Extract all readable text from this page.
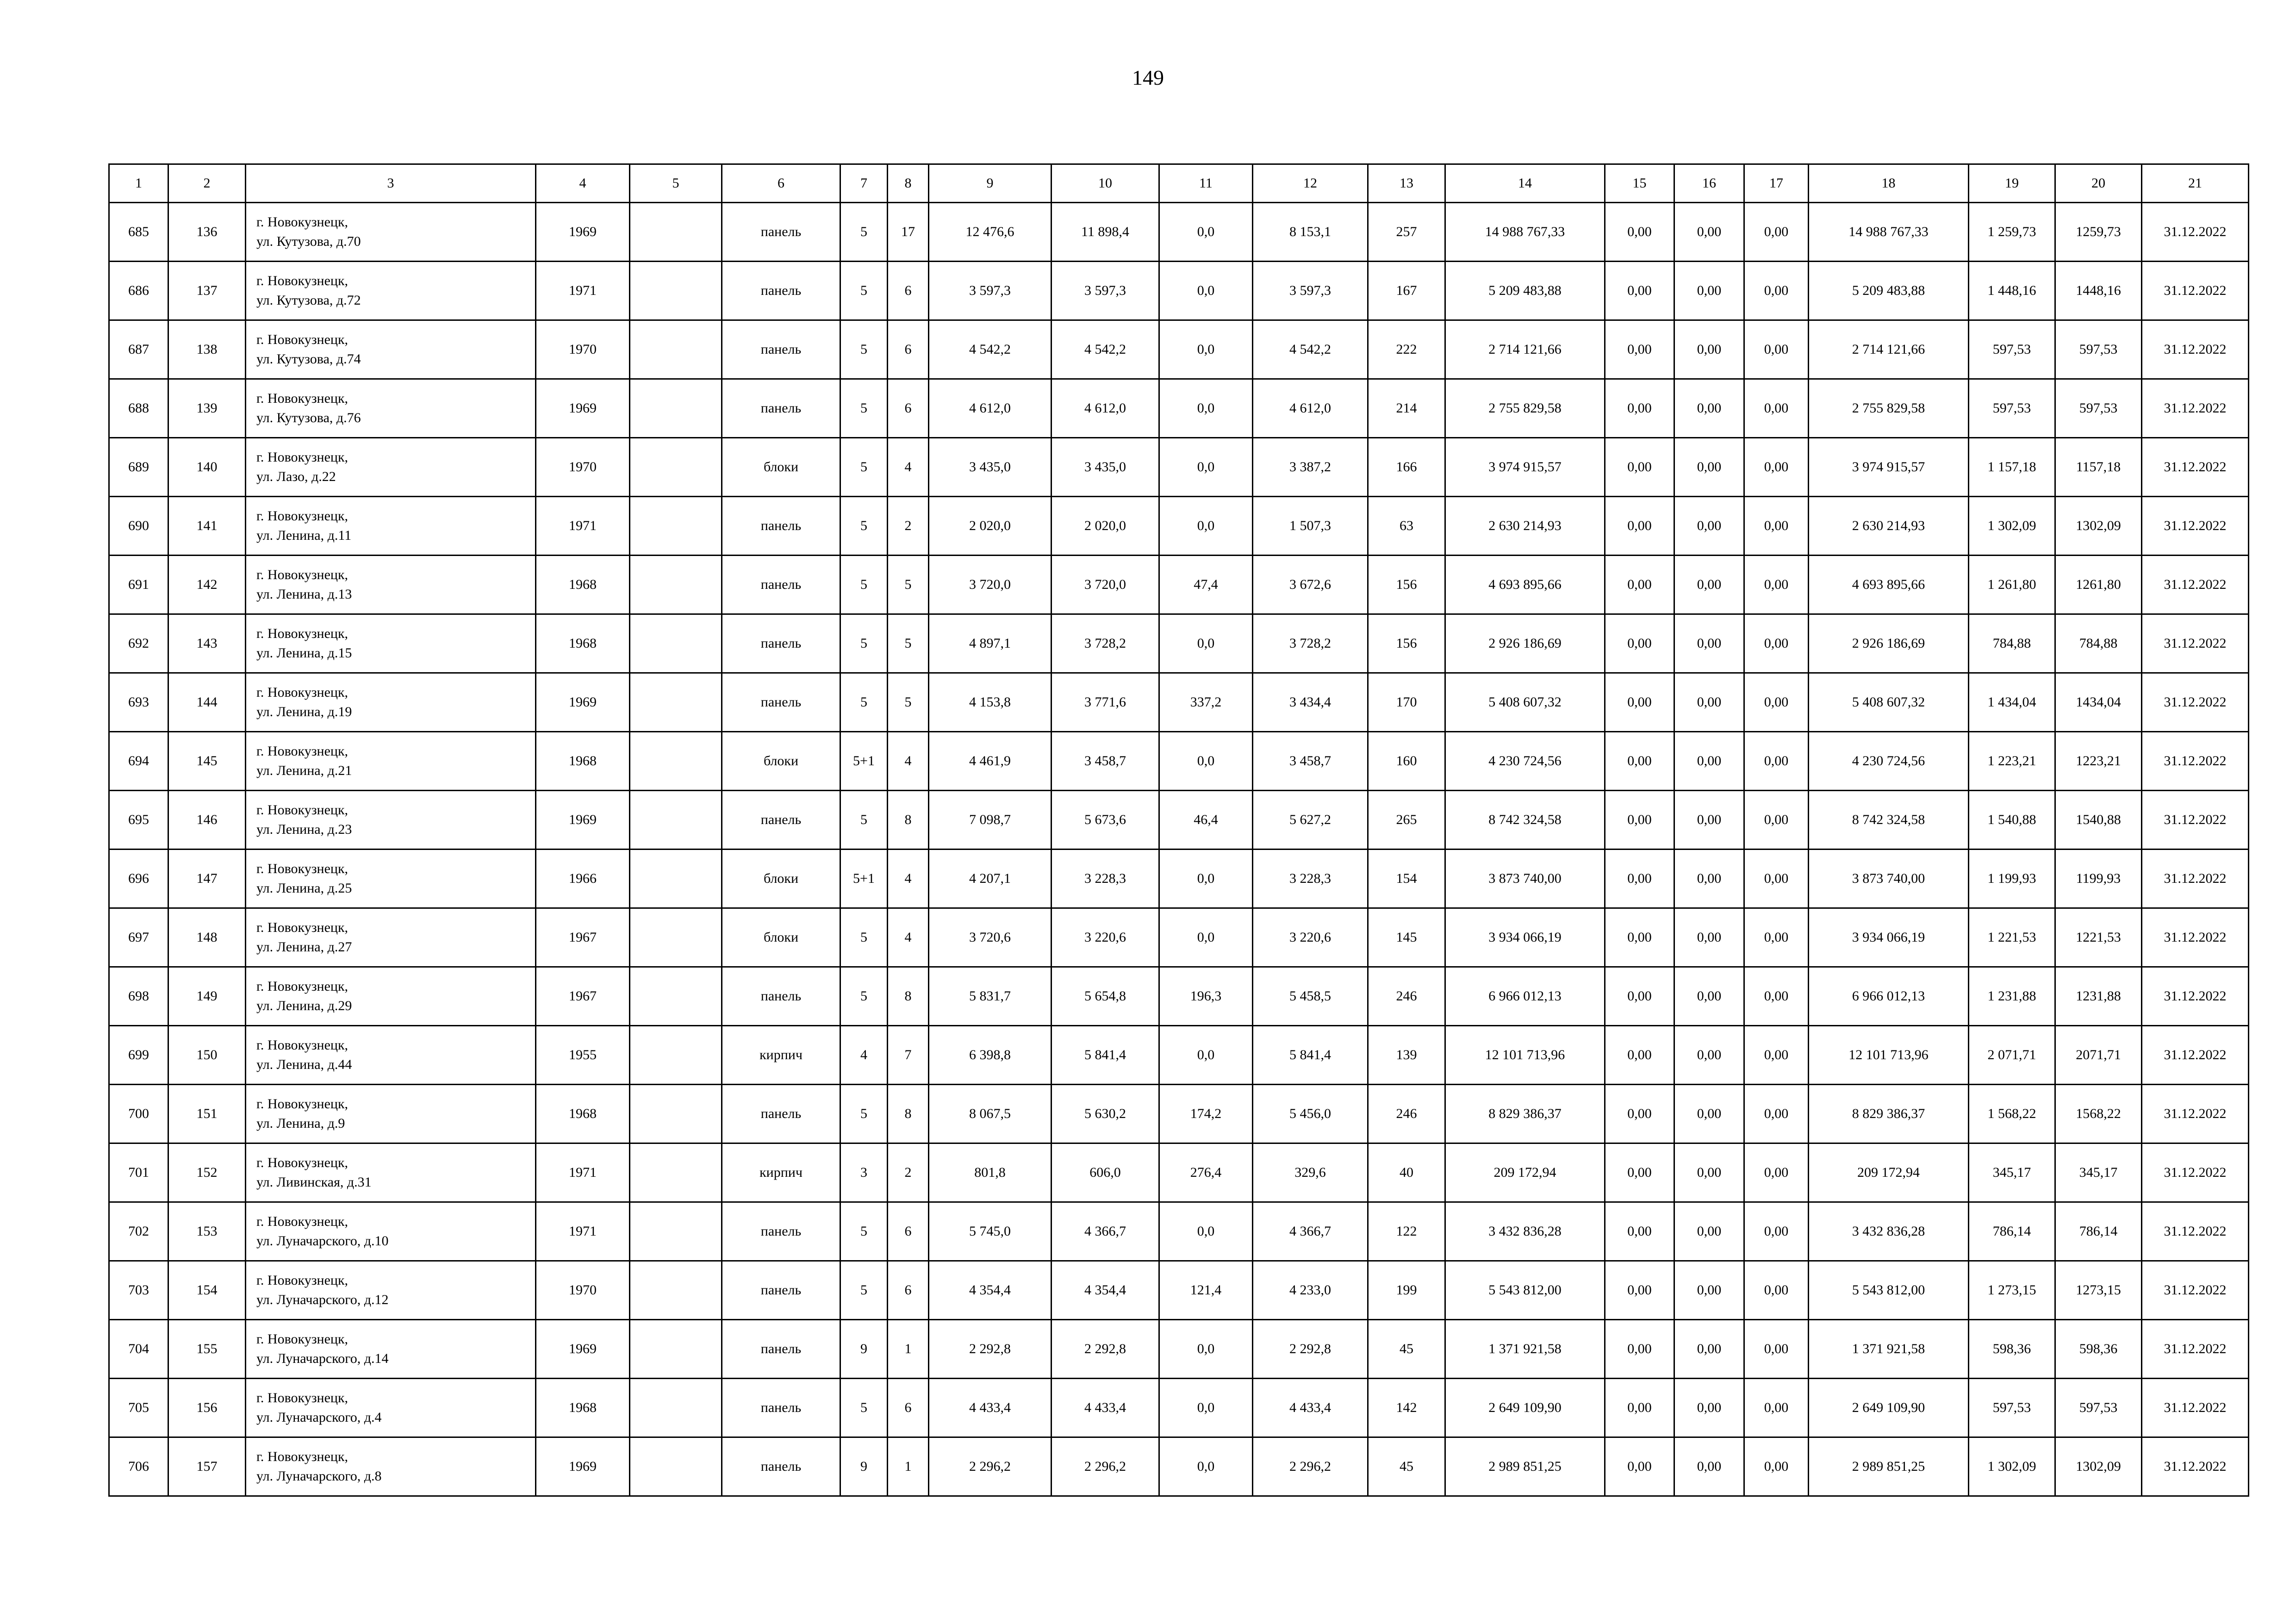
149
1	2	3	4	5	6	7	8	9	10	11	12	13	14	15	16	17	18	19	20	21
685	136	г. Новокузнецк,
ул. Кутузова, д.70	1969		панель	5	17	12 476,6	11 898,4	0,0	8 153,1	257	14 988 767,33	0,00	0,00	0,00	14 988 767,33	1 259,73	1259,73	31.12.2022
686	137	г. Новокузнецк,
ул. Кутузова, д.72	1971		панель	5	6	3 597,3	3 597,3	0,0	3 597,3	167	5 209 483,88	0,00	0,00	0,00	5 209 483,88	1 448,16	1448,16	31.12.2022
687	138	г. Новокузнецк,
ул. Кутузова, д.74	1970		панель	5	6	4 542,2	4 542,2	0,0	4 542,2	222	2 714 121,66	0,00	0,00	0,00	2 714 121,66	597,53	597,53	31.12.2022
688	139	г. Новокузнецк,
ул. Кутузова, д.76	1969		панель	5	6	4 612,0	4 612,0	0,0	4 612,0	214	2 755 829,58	0,00	0,00	0,00	2 755 829,58	597,53	597,53	31.12.2022
689	140	г. Новокузнецк,
ул. Лазо, д.22	1970		блоки	5	4	3 435,0	3 435,0	0,0	3 387,2	166	3 974 915,57	0,00	0,00	0,00	3 974 915,57	1 157,18	1157,18	31.12.2022
690	141	г. Новокузнецк,
ул. Ленина, д.11	1971		панель	5	2	2 020,0	2 020,0	0,0	1 507,3	63	2 630 214,93	0,00	0,00	0,00	2 630 214,93	1 302,09	1302,09	31.12.2022
691	142	г. Новокузнецк,
ул. Ленина, д.13	1968		панель	5	5	3 720,0	3 720,0	47,4	3 672,6	156	4 693 895,66	0,00	0,00	0,00	4 693 895,66	1 261,80	1261,80	31.12.2022
692	143	г. Новокузнецк,
ул. Ленина, д.15	1968		панель	5	5	4 897,1	3 728,2	0,0	3 728,2	156	2 926 186,69	0,00	0,00	0,00	2 926 186,69	784,88	784,88	31.12.2022
693	144	г. Новокузнецк,
ул. Ленина, д.19	1969		панель	5	5	4 153,8	3 771,6	337,2	3 434,4	170	5 408 607,32	0,00	0,00	0,00	5 408 607,32	1 434,04	1434,04	31.12.2022
694	145	г. Новокузнецк,
ул. Ленина, д.21	1968		блоки	5+1	4	4 461,9	3 458,7	0,0	3 458,7	160	4 230 724,56	0,00	0,00	0,00	4 230 724,56	1 223,21	1223,21	31.12.2022
695	146	г. Новокузнецк,
ул. Ленина, д.23	1969		панель	5	8	7 098,7	5 673,6	46,4	5 627,2	265	8 742 324,58	0,00	0,00	0,00	8 742 324,58	1 540,88	1540,88	31.12.2022
696	147	г. Новокузнецк,
ул. Ленина, д.25	1966		блоки	5+1	4	4 207,1	3 228,3	0,0	3 228,3	154	3 873 740,00	0,00	0,00	0,00	3 873 740,00	1 199,93	1199,93	31.12.2022
697	148	г. Новокузнецк,
ул. Ленина, д.27	1967		блоки	5	4	3 720,6	3 220,6	0,0	3 220,6	145	3 934 066,19	0,00	0,00	0,00	3 934 066,19	1 221,53	1221,53	31.12.2022
698	149	г. Новокузнецк,
ул. Ленина, д.29	1967		панель	5	8	5 831,7	5 654,8	196,3	5 458,5	246	6 966 012,13	0,00	0,00	0,00	6 966 012,13	1 231,88	1231,88	31.12.2022
699	150	г. Новокузнецк,
ул. Ленина, д.44	1955		кирпич	4	7	6 398,8	5 841,4	0,0	5 841,4	139	12 101 713,96	0,00	0,00	0,00	12 101 713,96	2 071,71	2071,71	31.12.2022
700	151	г. Новокузнецк,
ул. Ленина, д.9	1968		панель	5	8	8 067,5	5 630,2	174,2	5 456,0	246	8 829 386,37	0,00	0,00	0,00	8 829 386,37	1 568,22	1568,22	31.12.2022
701	152	г. Новокузнецк,
ул. Ливинская, д.31	1971		кирпич	3	2	801,8	606,0	276,4	329,6	40	209 172,94	0,00	0,00	0,00	209 172,94	345,17	345,17	31.12.2022
702	153	г. Новокузнецк,
ул. Луначарского, д.10	1971		панель	5	6	5 745,0	4 366,7	0,0	4 366,7	122	3 432 836,28	0,00	0,00	0,00	3 432 836,28	786,14	786,14	31.12.2022
703	154	г. Новокузнецк,
ул. Луначарского, д.12	1970		панель	5	6	4 354,4	4 354,4	121,4	4 233,0	199	5 543 812,00	0,00	0,00	0,00	5 543 812,00	1 273,15	1273,15	31.12.2022
704	155	г. Новокузнецк,
ул. Луначарского, д.14	1969		панель	9	1	2 292,8	2 292,8	0,0	2 292,8	45	1 371 921,58	0,00	0,00	0,00	1 371 921,58	598,36	598,36	31.12.2022
705	156	г. Новокузнецк,
ул. Луначарского, д.4	1968		панель	5	6	4 433,4	4 433,4	0,0	4 433,4	142	2 649 109,90	0,00	0,00	0,00	2 649 109,90	597,53	597,53	31.12.2022
706	157	г. Новокузнецк,
ул. Луначарского, д.8	1969		панель	9	1	2 296,2	2 296,2	0,0	2 296,2	45	2 989 851,25	0,00	0,00	0,00	2 989 851,25	1 302,09	1302,09	31.12.2022
